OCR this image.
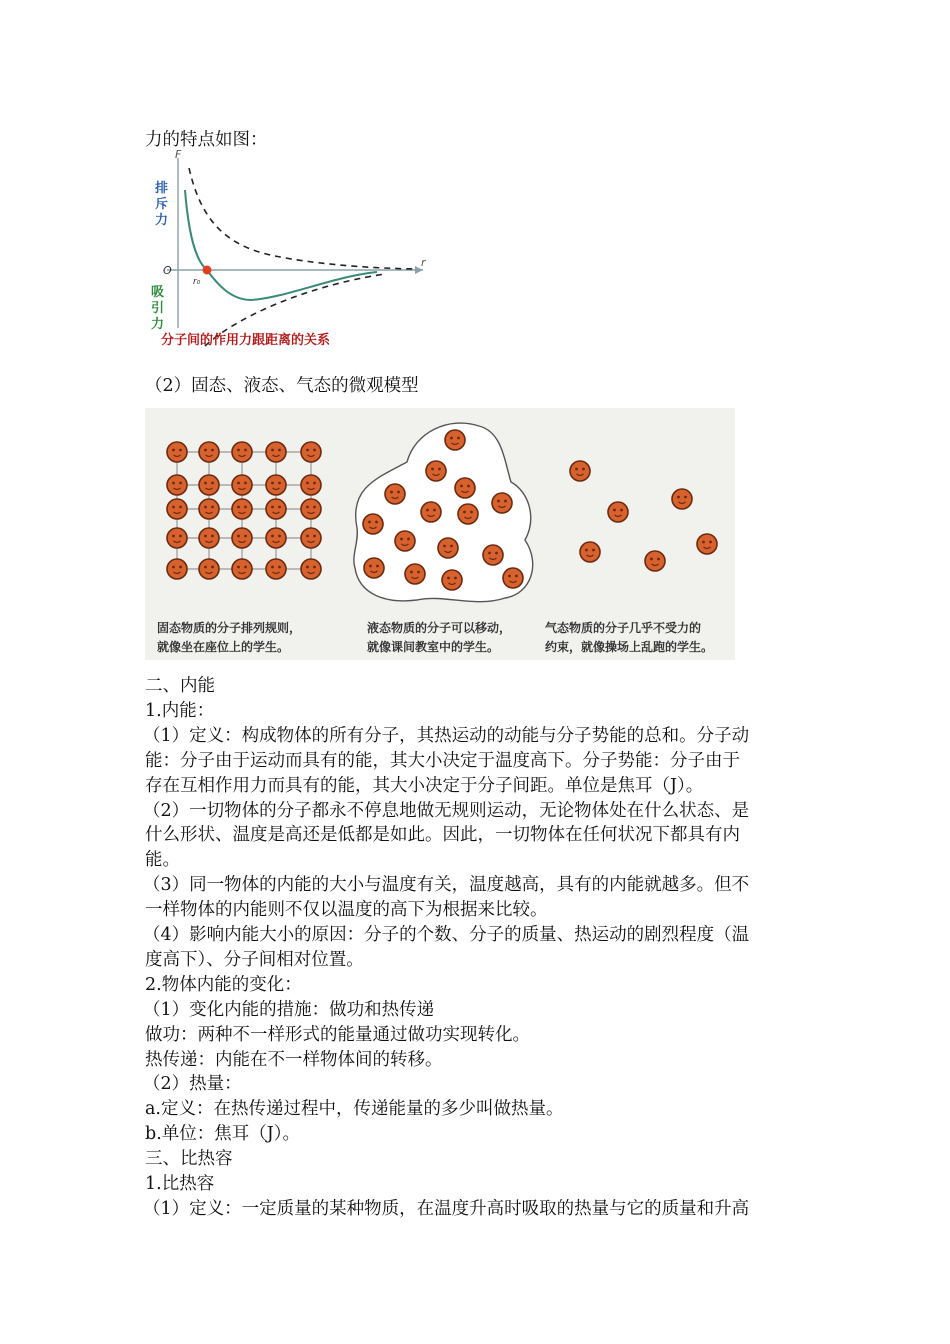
力的特点如图：
F
排
斥
力
O
r
r₀
吸
引
力
分子间的作用力跟距离的关系
（2）固态、液态、气态的微观模型
固态物质的分子排列规则，
就像坐在座位上的学生。
液态物质的分子可以移动，
就像课间教室中的学生。
气态物质的分子几乎不受力的
约束，就像操场上乱跑的学生。
二、内能
1.内能：
（1）定义：构成物体的所有分子，其热运动的动能与分子势能的总和。分子动
能：分子由于运动而具有的能，其大小决定于温度高下。分子势能：分子由于
存在互相作用力而具有的能，其大小决定于分子间距。单位是焦耳（J）。
（2）一切物体的分子都永不停息地做无规则运动，无论物体处在什么状态、是
什么形状、温度是高还是低都是如此。因此，一切物体在任何状况下都具有内
能。
（3）同一物体的内能的大小与温度有关，温度越高，具有的内能就越多。但不
一样物体的内能则不仅以温度的高下为根据来比较。
（4）影响内能大小的原因：分子的个数、分子的质量、热运动的剧烈程度（温
度高下）、分子间相对位置。
2.物体内能的变化：
（1）变化内能的措施：做功和热传递
做功：两种不一样形式的能量通过做功实现转化。
热传递：内能在不一样物体间的转移。
（2）热量：
a.定义：在热传递过程中，传递能量的多少叫做热量。
b.单位：焦耳（J）。
三、比热容
1.比热容
（1）定义：一定质量的某种物质，在温度升高时吸取的热量与它的质量和升高
